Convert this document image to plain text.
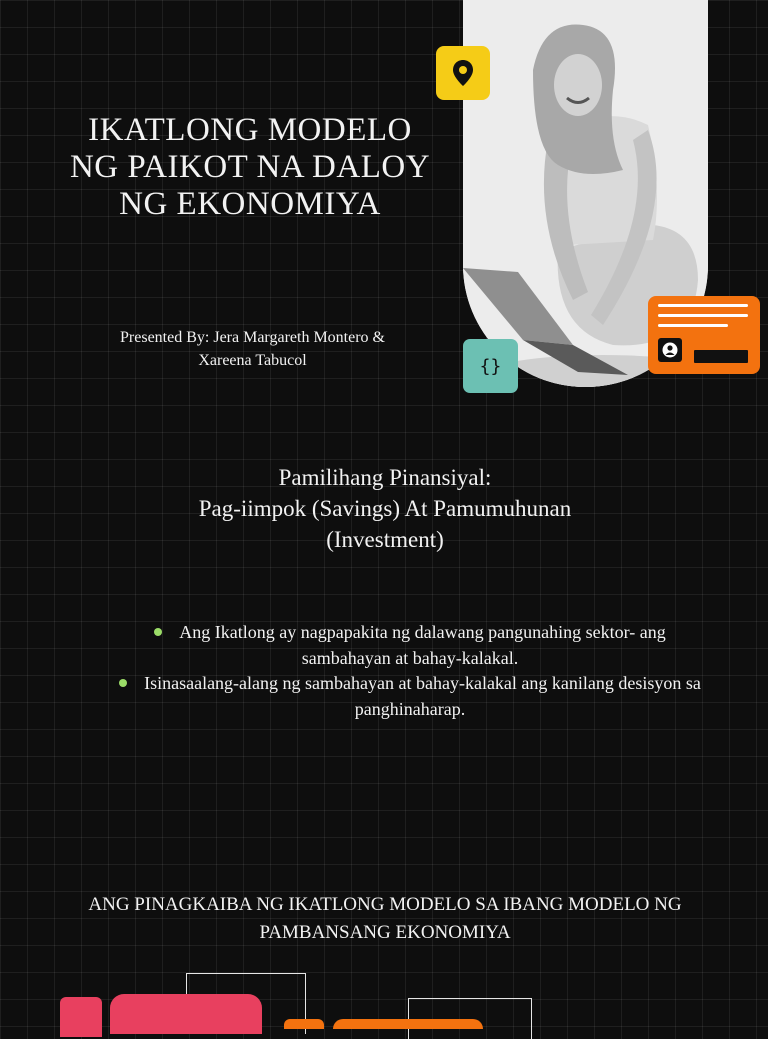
IKATLONG MODELO NG PAIKOT NA DALOY NG EKONOMIYA
Presented By: Jera Margareth Montero &
Xareena Tabucol	{}
Pamilihang Pinansiyal:
Pag-iimpok (Savings) At Pamumuhunan
(Investment)
Ang Ikatlong ay nagpapakita ng dalawang pangunahing sektor- ang sambahayan at bahay-kalakal.
Isinasaalang-alang ng sambahayan at bahay-kalakal ang kanilang desisyon sa panghinaharap.
ANG PINAGKAIBA NG IKATLONG MODELO SA IBANG MODELO NG PAMBANSANG EKONOMIYA
